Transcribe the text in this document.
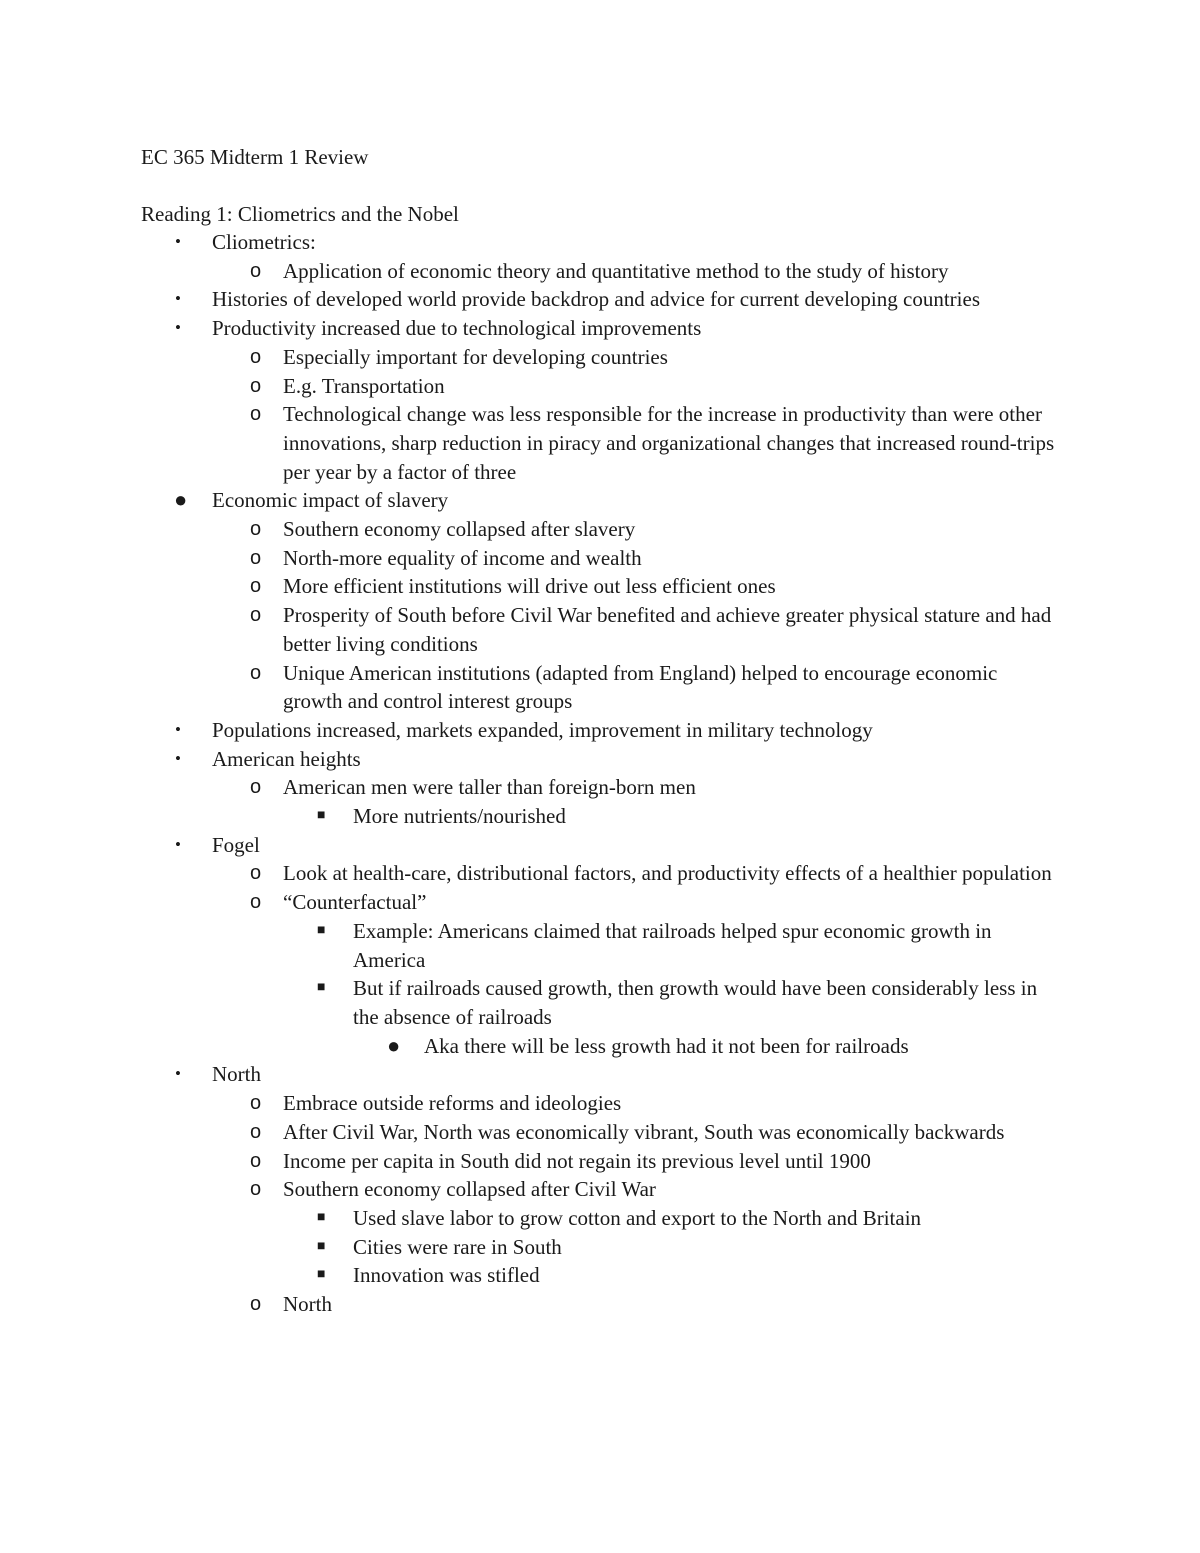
EC 365 Midterm 1 Review
Reading 1: Cliometrics and the Nobel
• Cliometrics:
o Application of economic theory and quantitative method to the study of history
• Histories of developed world provide backdrop and advice for current developing countries
• Productivity increased due to technological improvements
o Especially important for developing countries
o E.g. Transportation
o Technological change was less responsible for the increase in productivity than were other innovations, sharp reduction in piracy and organizational changes that increased round-trips per year by a factor of three
● Economic impact of slavery
o Southern economy collapsed after slavery
o North-more equality of income and wealth
o More efficient institutions will drive out less efficient ones
o Prosperity of South before Civil War benefited and achieve greater physical stature and had better living conditions
o Unique American institutions (adapted from England) helped to encourage economic growth and control interest groups
• Populations increased, markets expanded, improvement in military technology
• American heights
o American men were taller than foreign-born men
■ More nutrients/nourished
• Fogel
o Look at health-care, distributional factors, and productivity effects of a healthier population
o “Counterfactual”
■ Example: Americans claimed that railroads helped spur economic growth in America
■ But if railroads caused growth, then growth would have been considerably less in the absence of railroads
● Aka there will be less growth had it not been for railroads
• North
o Embrace outside reforms and ideologies
o After Civil War, North was economically vibrant, South was economically backwards
o Income per capita in South did not regain its previous level until 1900
o Southern economy collapsed after Civil War
■ Used slave labor to grow cotton and export to the North and Britain
■ Cities were rare in South
■ Innovation was stifled
o North
